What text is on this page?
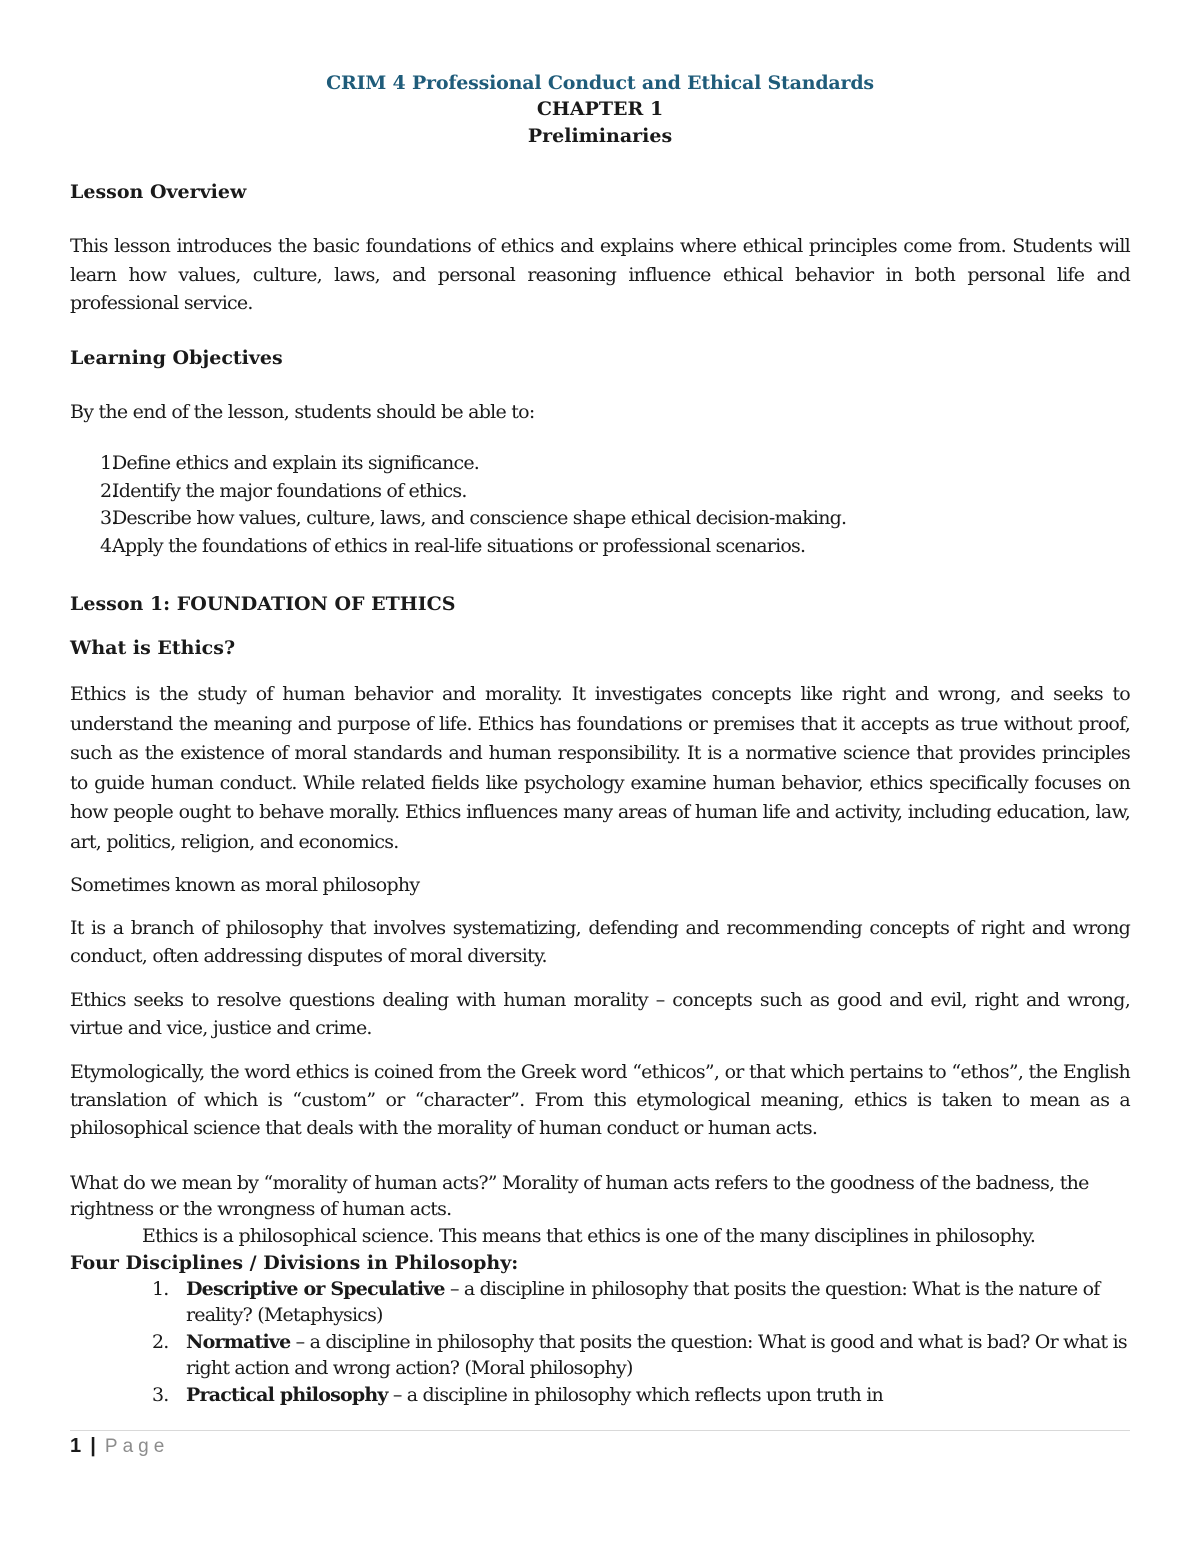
CRIM 4 Professional Conduct and Ethical Standards
CHAPTER 1
Preliminaries
Lesson Overview

This lesson introduces the basic foundations of ethics and explains where ethical principles come from. Students will learn how values, culture, laws, and personal reasoning influence ethical behavior in both personal life and professional service.

Learning Objectives

By the end of the lesson, students should be able to:

1.
Define ethics and explain its significance.
2.
Identify the major foundations of ethics.
3.
Describe how values, culture, laws, and conscience shape ethical decision-making.
4.
Apply the foundations of ethics in real-life situations or professional scenarios.
Lesson 1: FOUNDATION OF ETHICS
What is Ethics?

Ethics is the study of human behavior and morality. It investigates concepts like right and wrong, and seeks to understand the meaning and purpose of life. Ethics has foundations or premises that it accepts as true without proof, such as the existence of moral standards and human responsibility. It is a normative science that provides principles to guide human conduct. While related fields like psychology examine human behavior, ethics specifically focuses on how people ought to behave morally. Ethics influences many areas of human life and activity, including education, law, art, politics, religion, and economics.

Sometimes known as moral philosophy

It is a branch of philosophy that involves systematizing, defending and recommending concepts of right and wrong conduct, often addressing disputes of moral diversity.

Ethics seeks to resolve questions dealing with human morality – concepts such as good and evil, right and wrong, virtue and vice, justice and crime.

Etymologically, the word ethics is coined from the Greek word “ethicos”, or that which pertains to “ethos”, the English translation of which is “custom” or “character”. From this etymological meaning, ethics is taken to mean as a philosophical science that deals with the morality of human conduct or human acts.

What do we mean by “morality of human acts?” Morality of human acts refers to the goodness of the badness, the rightness or the wrongness of human acts.

Ethics is a philosophical science. This means that ethics is one of the many disciplines in philosophy.

Four Disciplines / Divisions in Philosophy:
1. Descriptive or Speculative – a discipline in philosophy that posits the question: What is the nature of reality? (Metaphysics)
2. Normative – a discipline in philosophy that posits the question: What is good and what is bad? Or what is right action and wrong action? (Moral philosophy)
3. Practical philosophy – a discipline in philosophy which reflects upon truth in
1 | Page
